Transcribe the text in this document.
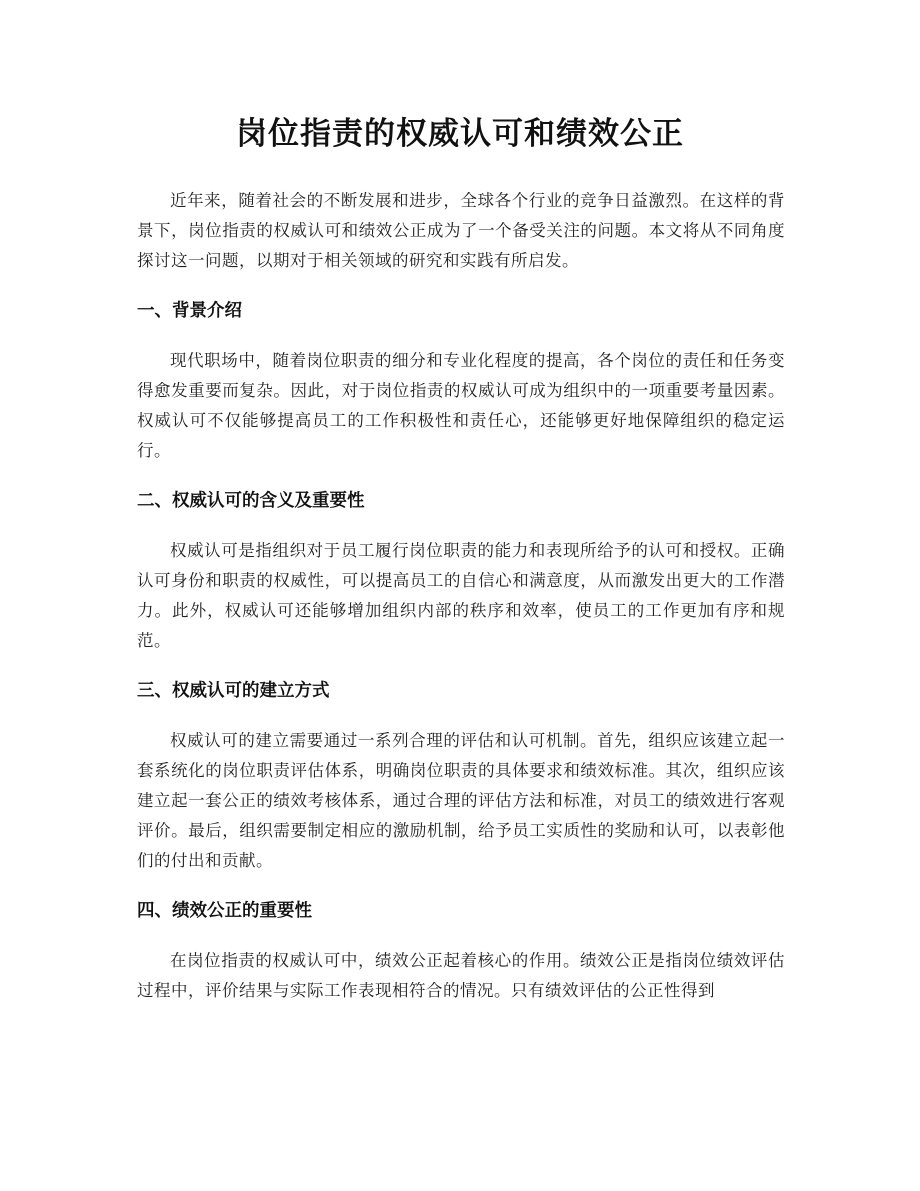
岗位指责的权威认可和绩效公正

近年来，随着社会的不断发展和进步，全球各个行业的竞争日益激烈。在这样的背景下，岗位指责的权威认可和绩效公正成为了一个备受关注的问题。本文将从不同角度探讨这一问题，以期对于相关领域的研究和实践有所启发。

一、背景介绍

现代职场中，随着岗位职责的细分和专业化程度的提高，各个岗位的责任和任务变得愈发重要而复杂。因此，对于岗位指责的权威认可成为组织中的一项重要考量因素。权威认可不仅能够提高员工的工作积极性和责任心，还能够更好地保障组织的稳定运行。

二、权威认可的含义及重要性

权威认可是指组织对于员工履行岗位职责的能力和表现所给予的认可和授权。正确认可身份和职责的权威性，可以提高员工的自信心和满意度，从而激发出更大的工作潜力。此外，权威认可还能够增加组织内部的秩序和效率，使员工的工作更加有序和规范。

三、权威认可的建立方式

权威认可的建立需要通过一系列合理的评估和认可机制。首先，组织应该建立起一套系统化的岗位职责评估体系，明确岗位职责的具体要求和绩效标准。其次，组织应该建立起一套公正的绩效考核体系，通过合理的评估方法和标准，对员工的绩效进行客观评价。最后，组织需要制定相应的激励机制，给予员工实质性的奖励和认可，以表彰他们的付出和贡献。

四、绩效公正的重要性

在岗位指责的权威认可中，绩效公正起着核心的作用。绩效公正是指岗位绩效评估过程中，评价结果与实际工作表现相符合的情况。只有绩效评估的公正性得到
